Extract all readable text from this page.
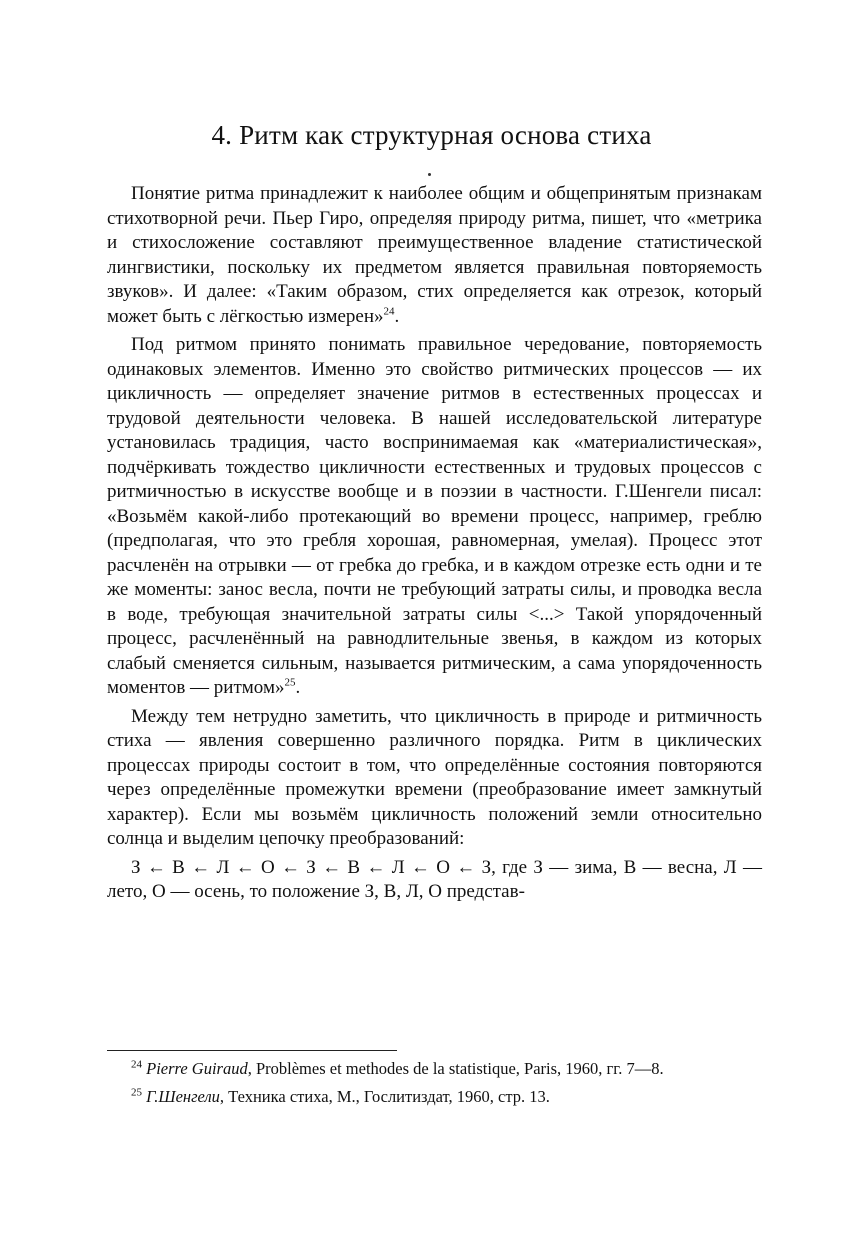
4. Ритм как структурная основа стиха

Понятие ритма принадлежит к наиболее общим и общепринятым признакам стихотворной речи. Пьер Гиро, определяя природу ритма, пишет, что «метрика и стихосложение составляют преимущественное владение статистической лингвистики, поскольку их предметом является правильная повторяемость звуков». И далее: «Таким образом, стих определяется как отрезок, который может быть с лёгкостью измерен»$^{24}$.

Под ритмом принято понимать правильное чередование, повторяемость одинаковых элементов. Именно это свойство ритмических процессов — их цикличность — определяет значение ритмов в естественных процессах и трудовой деятельности человека. В нашей исследовательской литературе установилась традиция, часто воспринимаемая как «материалистическая», подчёркивать тождество цикличности естественных и трудовых процессов с ритмичностью в искусстве вообще и в поэзии в частности. Г.Шенгели писал: «Возьмём какой-либо протекающий во времени процесс, например, греблю (предполагая, что это гребля хорошая, равномерная, умелая). Процесс этот расчленён на отрывки — от гребка до гребка, и в каждом отрезке есть одни и те же моменты: занос весла, почти не требующий затраты силы, и проводка весла в воде, требующая значительной затраты силы <...> Такой упорядоченный процесс, расчленённый на равнодлительные звенья, в каждом из которых слабый сменяется сильным, называется ритмическим, а сама упорядоченность моментов — ритмом»$^{25}$.

Между тем нетрудно заметить, что цикличность в природе и ритмичность стиха — явления совершенно различного порядка. Ритм в циклических процессах природы состоит в том, что определённые состояния повторяются через определённые промежутки времени (преобразование имеет замкнутый характер). Если мы возьмём цикличность положений земли относительно солнца и выделим цепочку преобразований:

З ← В ← Л ← О ← З ← В ← Л ← О ← З, где З — зима, В — весна, Л — лето, О — осень, то положение З, В, Л, О представ-

$^{24}$ Pierre Guiraud, Problèmes et methodes de la statistique, Paris, 1960, гг. 7—8.

$^{25}$ Г.Шенгели, Техника стиха, М., Гослитиздат, 1960, стр. 13.
